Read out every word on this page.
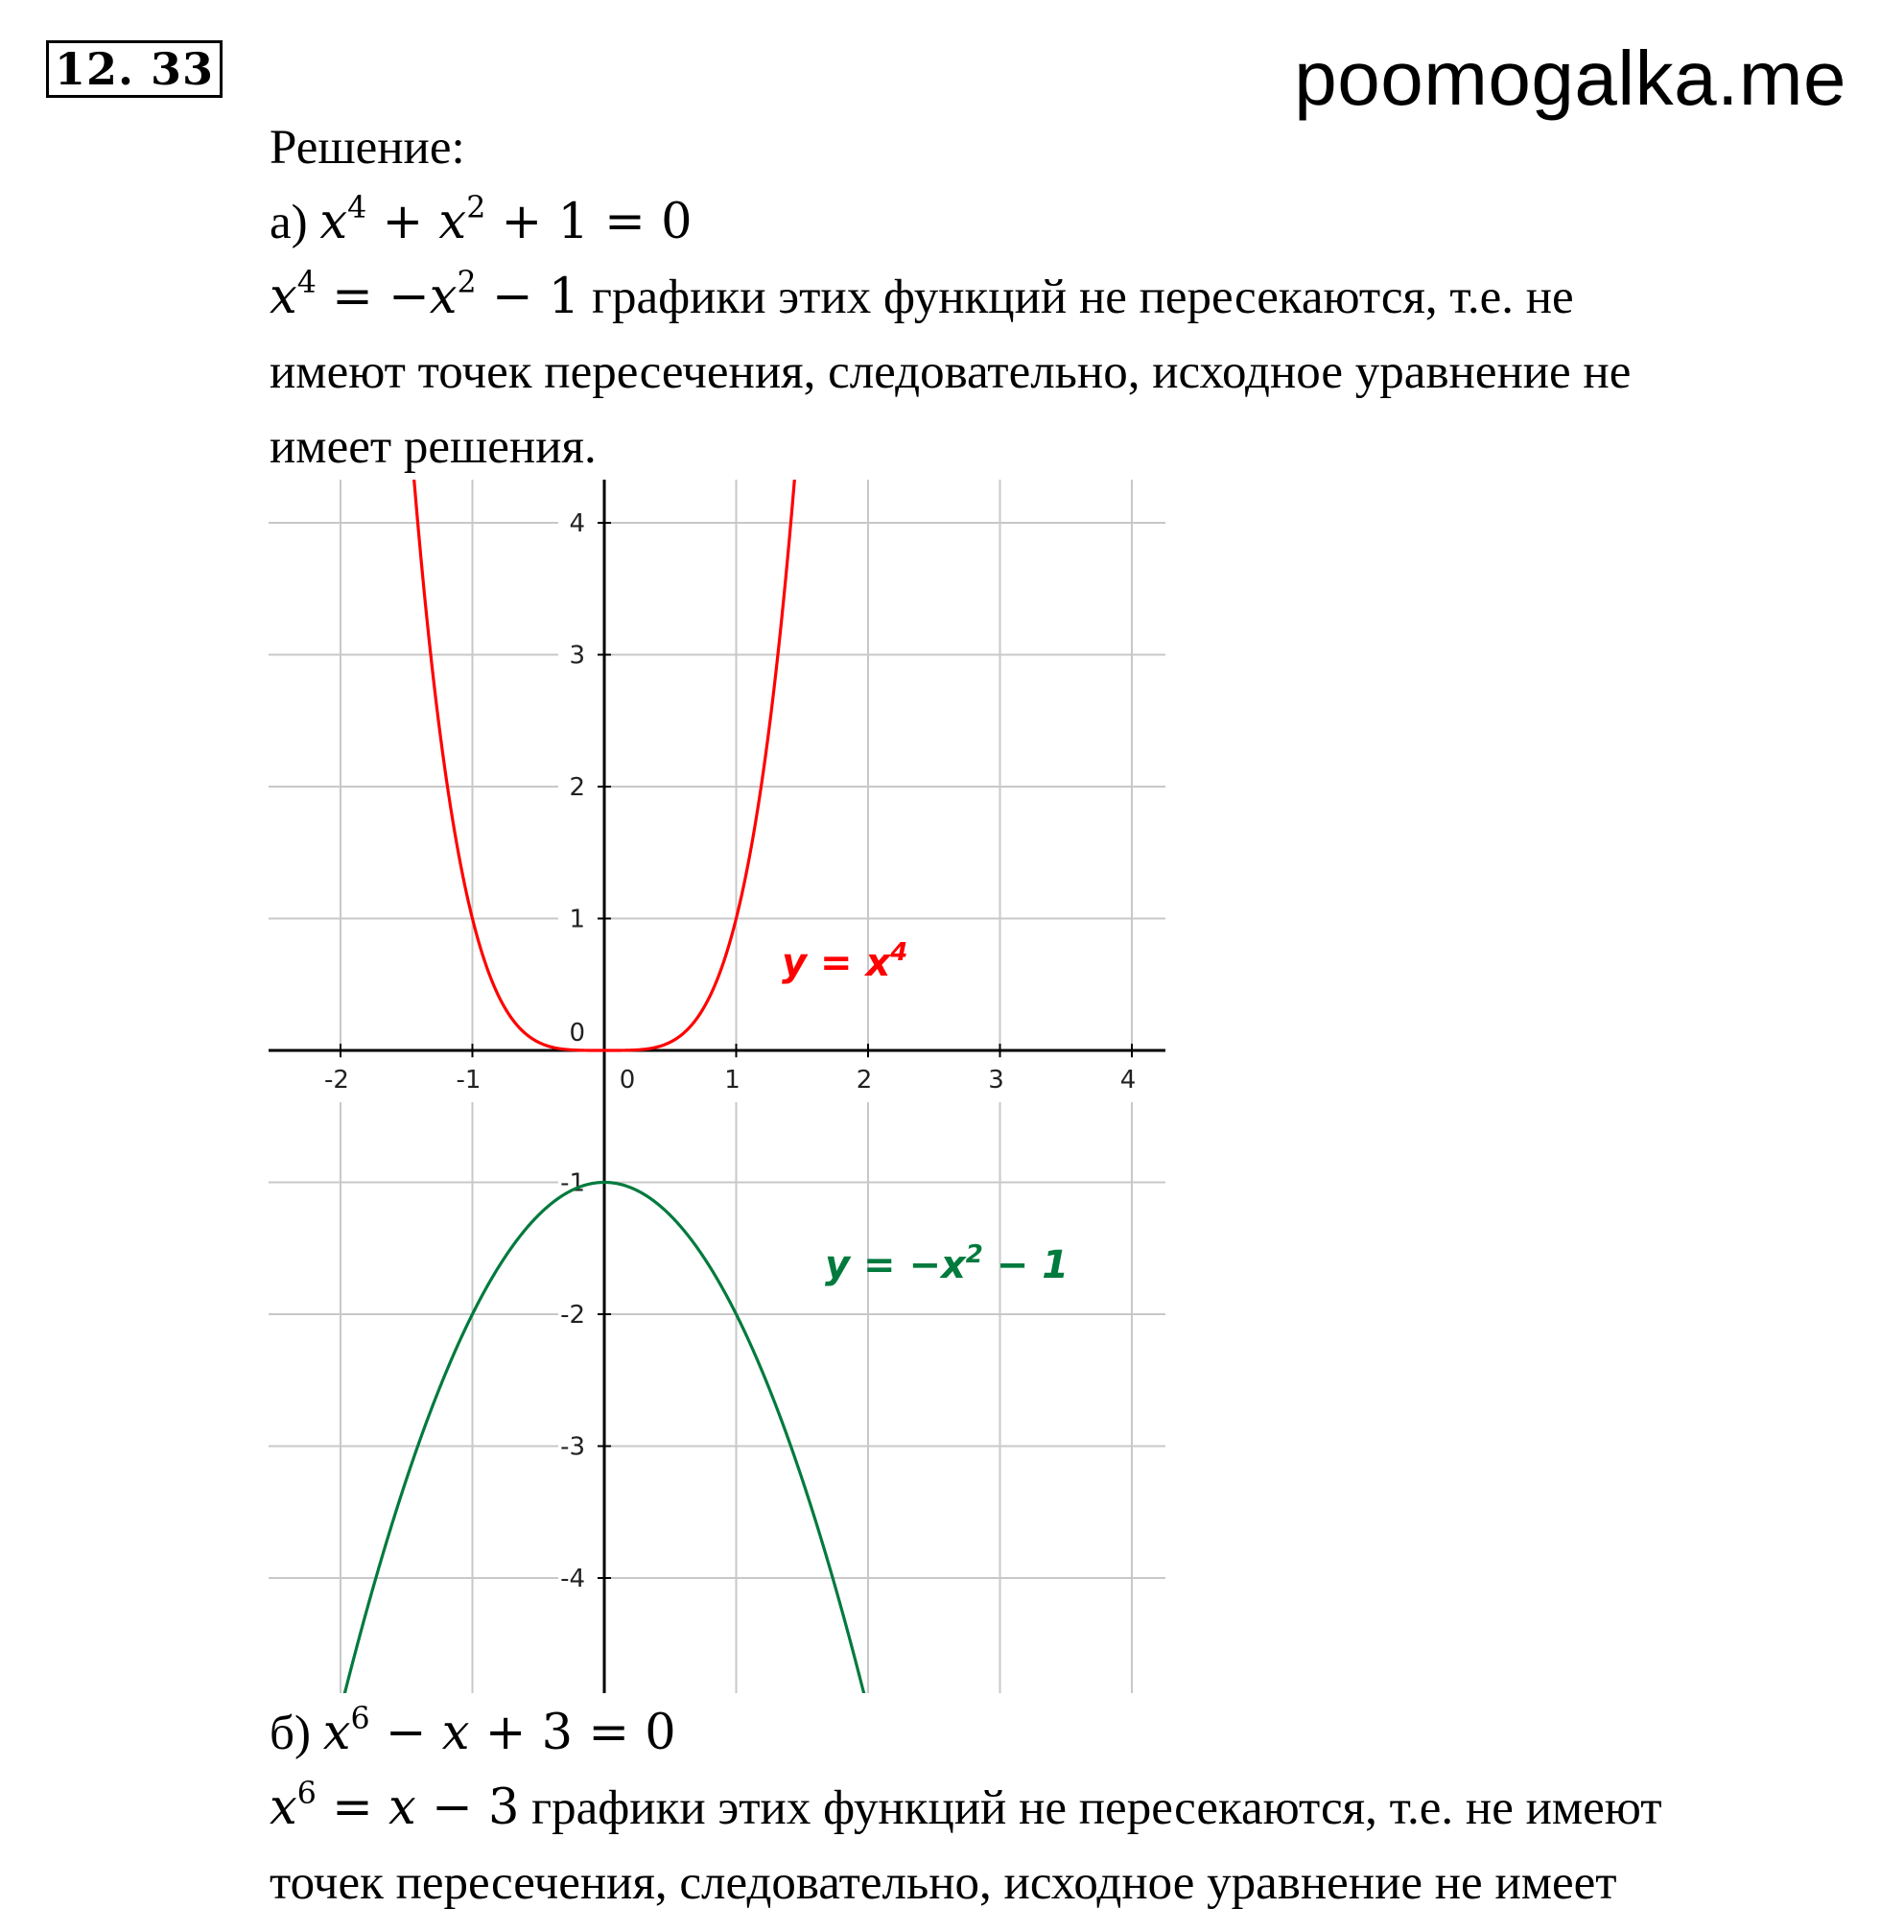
12. 33	poomogalka.me
Решение:
а) $x^4 + x^2 + 1 = 0$
$x^4 = -x^2 - 1$ графики этих функций не пересекаются, т.е. не
имеют точек пересечения, следовательно, исходное уравнение не
имеет решения.
-2	-1	0	1	2	3	4
4
3
2
1
0
-1
-2
-3
-4
$y = x^4$
$y = -x^2 - 1$
б) $x^6 - x + 3 = 0$
$x^6 = x - 3$ графики этих функций не пересекаются, т.е. не имеют
точек пересечения, следовательно, исходное уравнение не имеет
